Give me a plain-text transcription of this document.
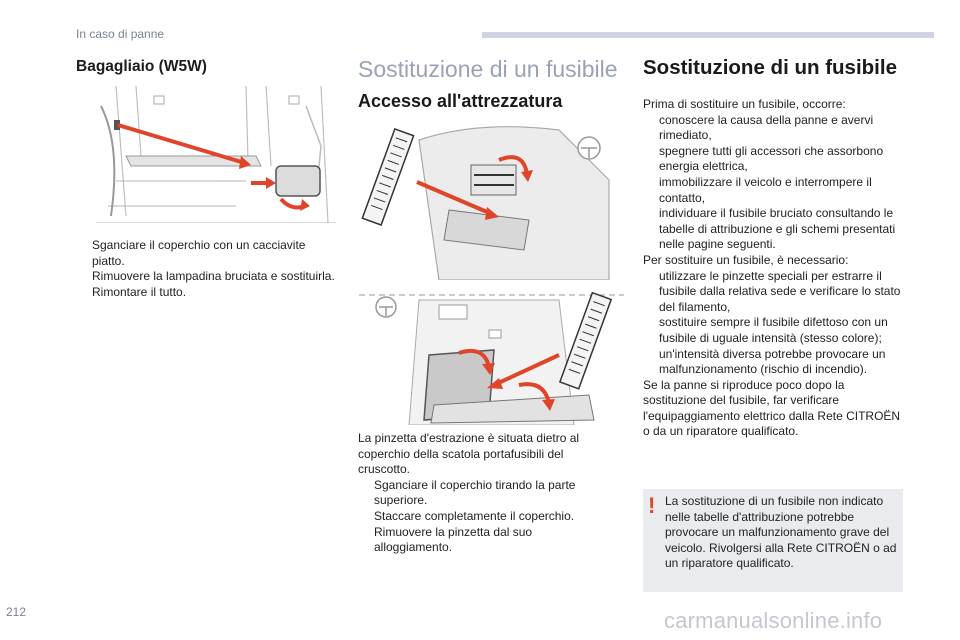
In caso di panne
Bagagliaio (W5W)
Sganciare il coperchio con un cacciavite piatto.
Rimuovere la lampadina bruciata e sostituirla.
Rimontare il tutto.
Sostituzione di un fusibile
Accesso all'attrezzatura
La pinzetta d'estrazione è situata dietro al coperchio della scatola portafusibili del cruscotto.
Sganciare il coperchio tirando la parte superiore.
Staccare completamente il coperchio.
Rimuovere la pinzetta dal suo alloggiamento.
Sostituzione di un fusibile
Prima di sostituire un fusibile, occorre:
conoscere la causa della panne e avervi rimediato,
spegnere tutti gli accessori che assorbono energia elettrica,
immobilizzare il veicolo e interrompere il contatto,
individuare il fusibile bruciato consultando le tabelle di attribuzione e gli schemi presentati nelle pagine seguenti.
Per sostituire un fusibile, è necessario:
utilizzare le pinzette speciali per estrarre il fusibile dalla relativa sede e verificare lo stato del filamento,
sostituire sempre il fusibile difettoso con un fusibile di uguale intensità (stesso colore); un'intensità diversa potrebbe provocare un malfunzionamento (rischio di incendio).
Se la panne si riproduce poco dopo la sostituzione del fusibile, far verificare l'equipaggiamento elettrico dalla Rete CITROËN o da un riparatore qualificato.
! La sostituzione di un fusibile non indicato nelle tabelle d'attribuzione potrebbe provocare un malfunzionamento grave del veicolo. Rivolgersi alla Rete CITROËN o ad un riparatore qualificato.
212	carmanualsonline.info
